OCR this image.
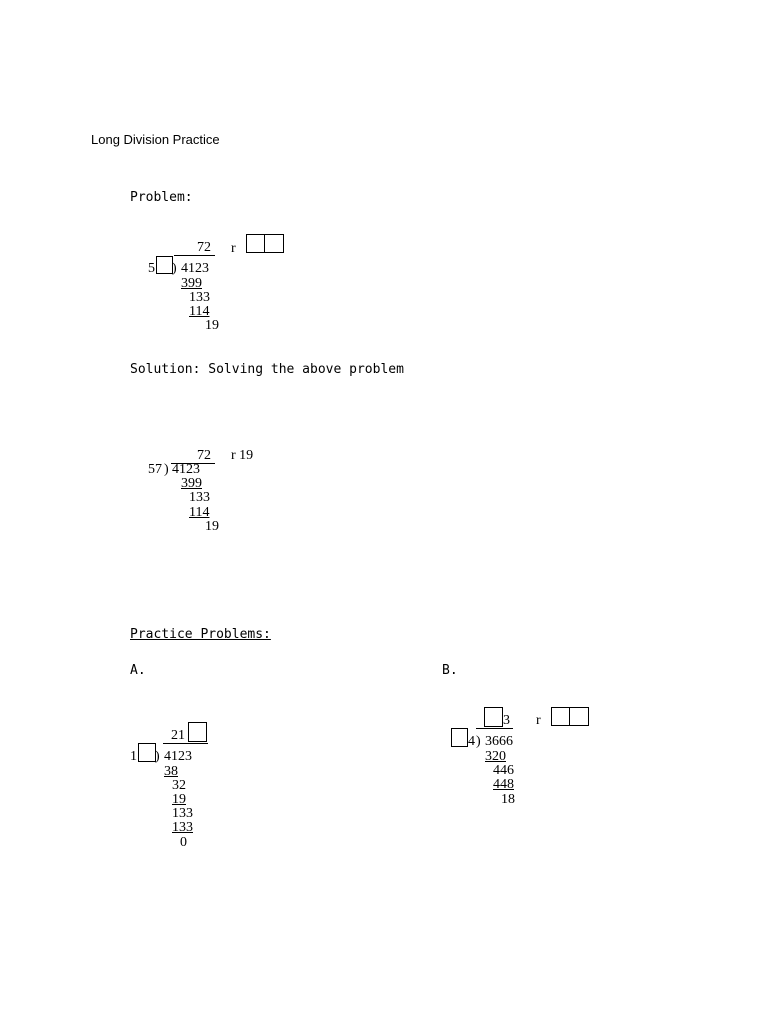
Long Division Practice
Problem:
72 r
5 ) 4123
399
133
114
19
Solution: Solving the above problem
72 r 19
57 ) 4123
399
133
114
19
Practice Problems:
A.	B.
21
1 ) 4123
38
32
19
133
133
0
3 r
4 ) 3666
320
446
448
18
